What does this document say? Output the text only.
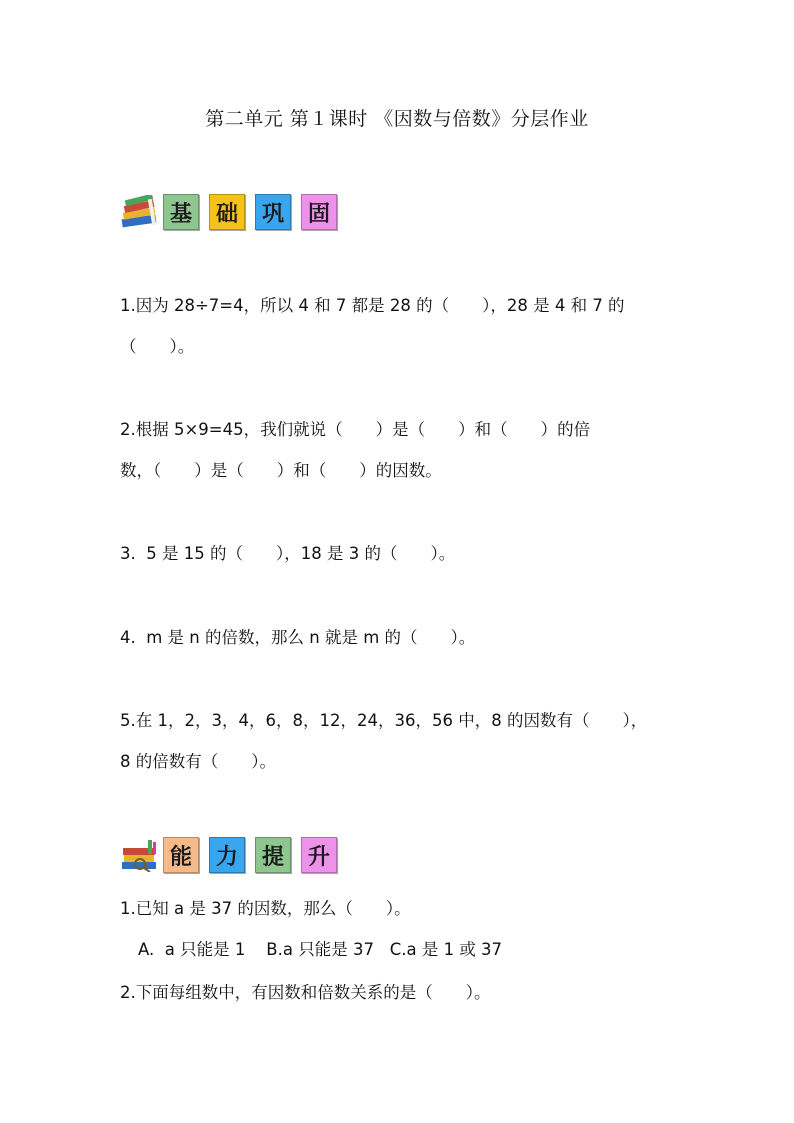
第二单元 第１课时 《因数与倍数》分层作业
基 础 巩 固
1.因为 28÷7=4，所以 4 和 7 都是 28 的（　　），28 是 4 和 7 的
（　　）。
2.根据 5×9=45，我们就说（　　）是（　　）和（　　）的倍
数，（　　）是（　　）和（　　）的因数。
3.  5 是 15 的（　　），18 是 3 的（　　）。
4.  m 是 n 的倍数，那么 n 就是 m 的（　　）。
5.在 1，2，3，4，6，8，12，24，36，56 中，8 的因数有（　　），
8 的倍数有（　　）。
能 力 提 升
1.已知 a 是 37 的因数，那么（　　）。
A.  a 只能是 1    B.a 只能是 37   C.a 是 1 或 37
2.下面每组数中，有因数和倍数关系的是（　　）。
